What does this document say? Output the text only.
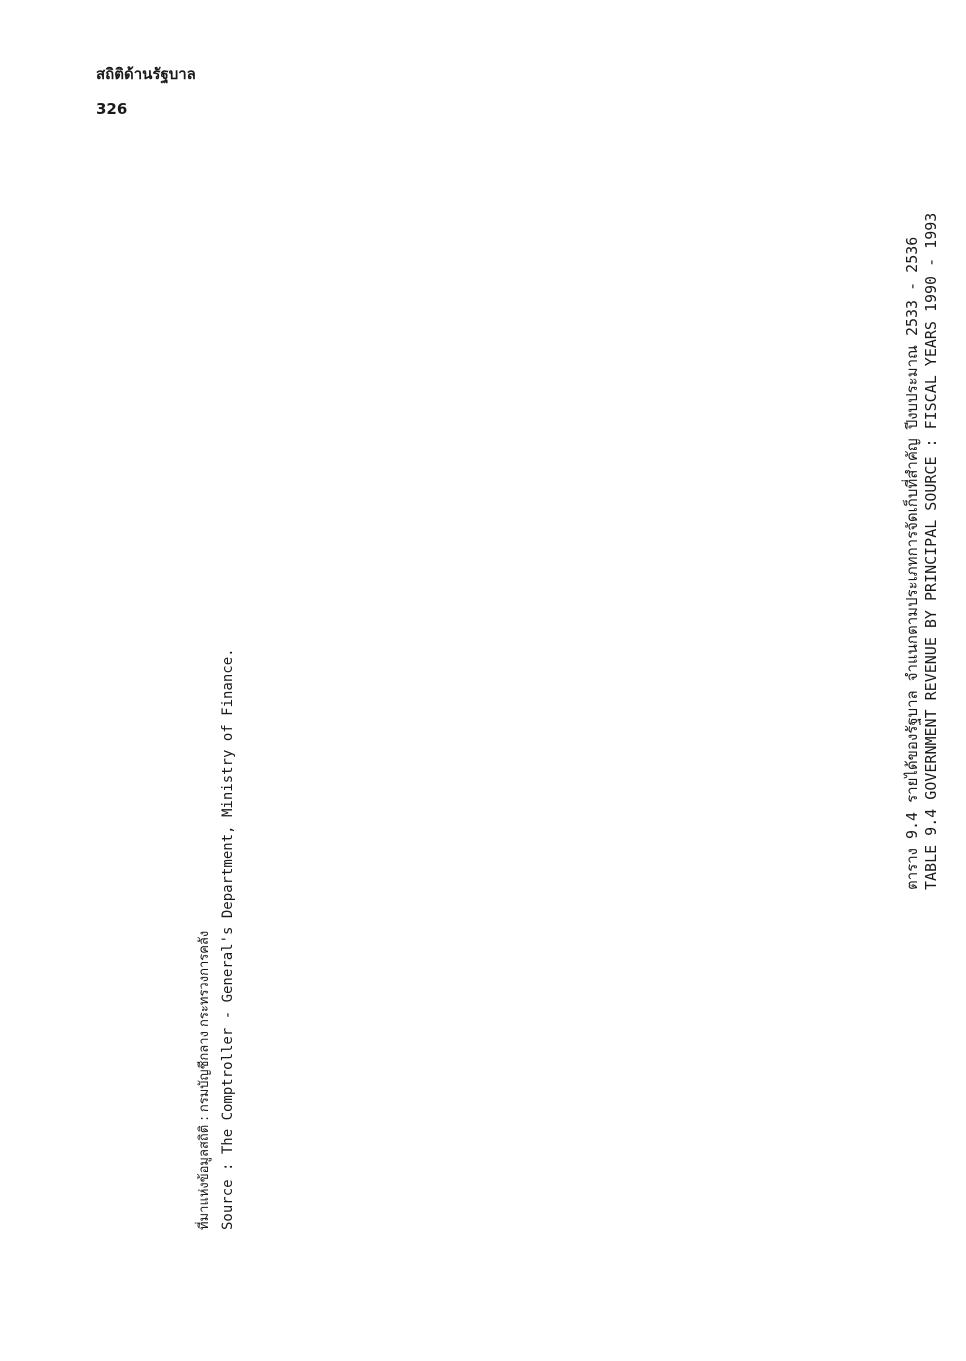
สถิติด้านรัฐบาล
326
ตาราง 9.4 รายได้ของรัฐบาล จำแนกตามประเภทการจัดเก็บที่สำคัญ ปีงบประมาณ 2533 - 2536 TABLE 9.4 GOVERNMENT REVENUE BY PRINCIPAL SOURCE : FISCAL YEARS 1990 - 1993
ที่มาแห่งข้อมูลสถิติ : กรมบัญชีกลาง กระทรวงการคลัง Source : The Comptroller - General's Department, Ministry of Finance.
